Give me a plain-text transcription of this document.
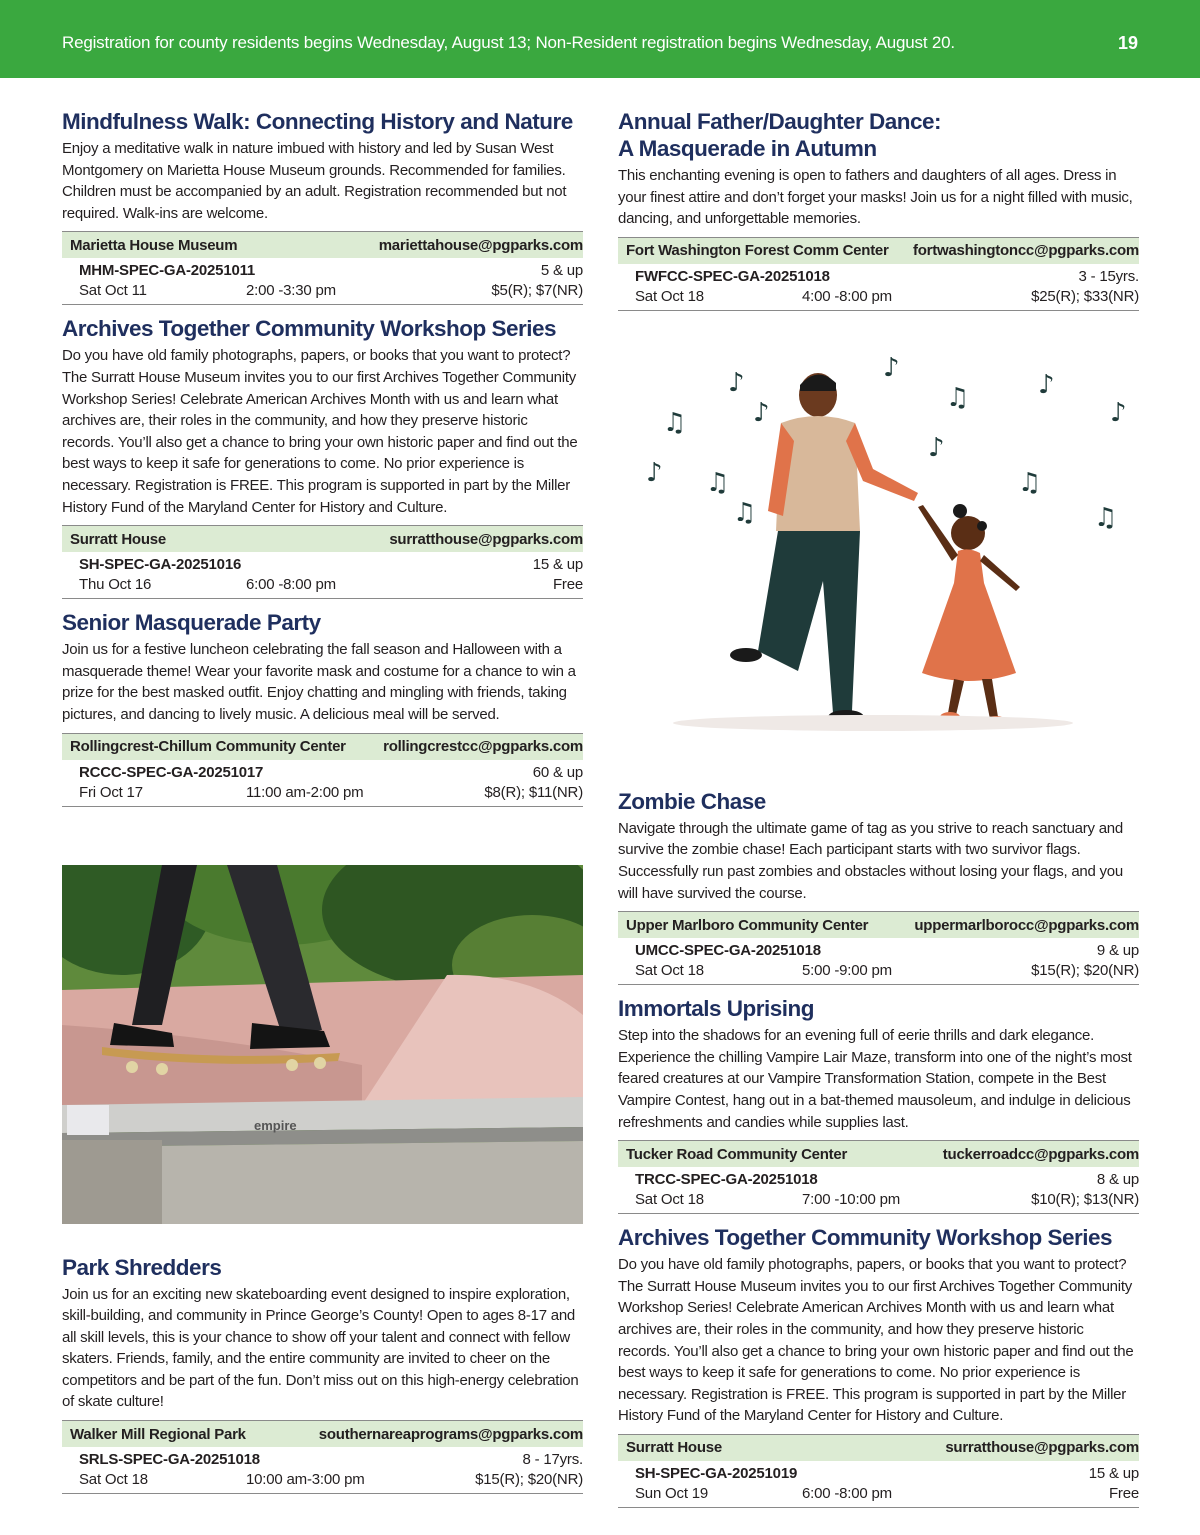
Registration for county residents begins Wednesday, August 13; Non-Resident registration begins Wednesday, August 20.	19
Mindfulness Walk: Connecting History and Nature

Enjoy a meditative walk in nature imbued with history and led by Susan West Montgomery on Marietta House Museum grounds. Recommended for families. Children must be accompanied by an adult. Registration recommended but not required. Walk-ins are welcome.

Marietta House Museum	mariettahouse@pgparks.com
MHM-SPEC-GA-20251011	5 & up
Sat Oct 11	2:00 -3:30 pm	$5(R); $7(NR)
Archives Together Community Workshop Series

Do you have old family photographs, papers, or books that you want to protect? The Surratt House Museum invites you to our first Archives Together Community Workshop Series! Celebrate American Archives Month with us and learn what archives are, their roles in the community, and how they preserve historic records. You’ll also get a chance to bring your own historic paper and find out the best ways to keep it safe for generations to come. No prior experience is necessary. Registration is FREE. This program is supported in part by the Miller History Fund of the Maryland Center for History and Culture.

Surratt House	surratthouse@pgparks.com
SH-SPEC-GA-20251016	15 & up
Thu Oct 16	6:00 -8:00 pm	Free
Senior Masquerade Party

Join us for a festive luncheon celebrating the fall season and Halloween with a masquerade theme! Wear your favorite mask and costume for a chance to win a prize for the best masked outfit. Enjoy chatting and mingling with friends, taking pictures, and dancing to lively music. A delicious meal will be served.

Rollingcrest-Chillum Community Center rollingcrestcc@pgparks.com
RCCC-SPEC-GA-20251017	60 & up
Fri Oct 17	11:00 am-2:00 pm	$8(R); $11(NR)
empire
Park Shredders

Join us for an exciting new skateboarding event designed to inspire exploration, skill-building, and community in Prince George’s County! Open to ages 8-17 and all skill levels, this is your chance to show off your talent and connect with fellow skaters. Friends, family, and the entire community are invited to cheer on the competitors and be part of the fun. Don’t miss out on this high-energy celebration of skate culture!

Walker Mill Regional Park	southernareaprograms@pgparks.com
SRLS-SPEC-GA-20251018	8 - 17yrs.
Sat Oct 18	10:00 am-3:00 pm	$15(R); $20(NR)
Annual Father/Daughter Dance:
A Masquerade in Autumn

This enchanting evening is open to fathers and daughters of all ages. Dress in your finest attire and don’t forget your masks! Join us for a night filled with music, dancing, and unforgettable memories.

Fort Washington Forest Comm Center fortwashingtoncc@pgparks.com
FWFCC-SPEC-GA-20251018	3 - 15yrs.
Sat Oct 18	4:00 -8:00 pm	$25(R); $33(NR)
♪
♫
♪
♪
♫
♫
♪
♫	♪
♪
♫
♪
♫
Zombie Chase

Navigate through the ultimate game of tag as you strive to reach sanctuary and survive the zombie chase! Each participant starts with two survivor flags. Successfully run past zombies and obstacles without losing your flags, and you will have survived the course.

Upper Marlboro Community Center	uppermarlborocc@pgparks.com
UMCC-SPEC-GA-20251018	9 & up
Sat Oct 18	5:00 -9:00 pm	$15(R); $20(NR)
Immortals Uprising

Step into the shadows for an evening full of eerie thrills and dark elegance. Experience the chilling Vampire Lair Maze, transform into one of the night’s most feared creatures at our Vampire Transformation Station, compete in the Best Vampire Contest, hang out in a bat-themed mausoleum, and indulge in delicious refreshments and candies while supplies last.

Tucker Road Community Center	tuckerroadcc@pgparks.com
TRCC-SPEC-GA-20251018	8 & up
Sat Oct 18	7:00 -10:00 pm	$10(R); $13(NR)
Archives Together Community Workshop Series

Do you have old family photographs, papers, or books that you want to protect? The Surratt House Museum invites you to our first Archives Together Community Workshop Series! Celebrate American Archives Month with us and learn what archives are, their roles in the community, and how they preserve historic records. You’ll also get a chance to bring your own historic paper and find out the best ways to keep it safe for generations to come. No prior experience is necessary. Registration is FREE. This program is supported in part by the Miller History Fund of the Maryland Center for History and Culture.

Surratt House	surratthouse@pgparks.com
SH-SPEC-GA-20251019	15 & up
Sun Oct 19	6:00 -8:00 pm	Free
